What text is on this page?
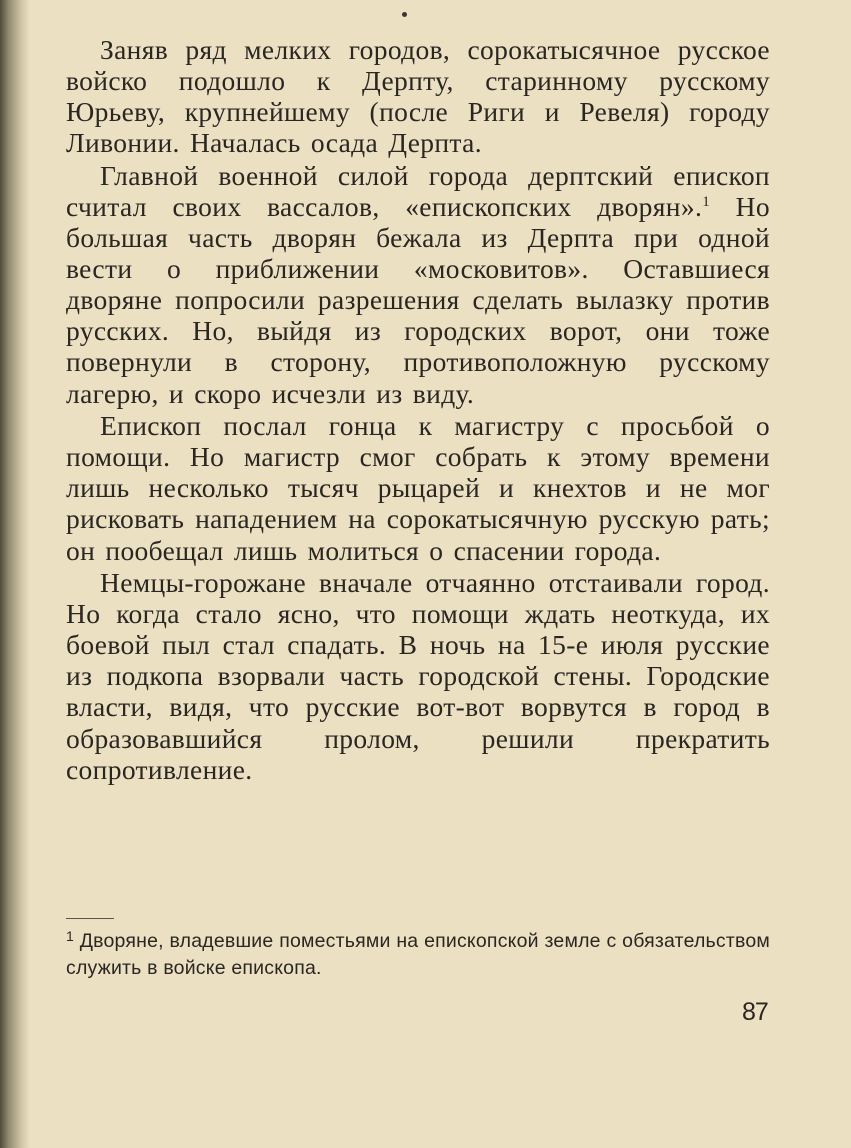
Заняв ряд мелких городов, сорокатысячное русское войско подошло к Дерпту, старинному русскому Юрьеву, крупнейшему (после Риги и Ревеля) городу Ливонии. Началась осада Дерпта.

Главной военной силой города дерптский епископ считал своих вассалов, «епископских дворян».$^1$ Но большая часть дворян бежала из Дерпта при одной вести о приближении «московитов». Оставшиеся дворяне попросили разрешения сделать вылазку против русских. Но, выйдя из городских ворот, они тоже повернули в сторону, противоположную русскому лагерю, и скоро исчезли из виду.

Епископ послал гонца к магистру с просьбой о помощи. Но магистр смог собрать к этому времени лишь несколько тысяч рыцарей и кнехтов и не мог рисковать нападением на сорокатысячную русскую рать; он пообещал лишь молиться о спасении города.

Немцы-горожане вначале отчаянно отстаивали город. Но когда стало ясно, что помощи ждать неоткуда, их боевой пыл стал спадать. В ночь на 15-е июля русские из подкопа взорвали часть городской стены. Городские власти, видя, что русские вот-вот ворвутся в город в образовавшийся пролом, решили прекратить сопротивление.

$^1$ Дворяне, владевшие поместьями на епископской земле с обязательством служить в войске епископа.
87
